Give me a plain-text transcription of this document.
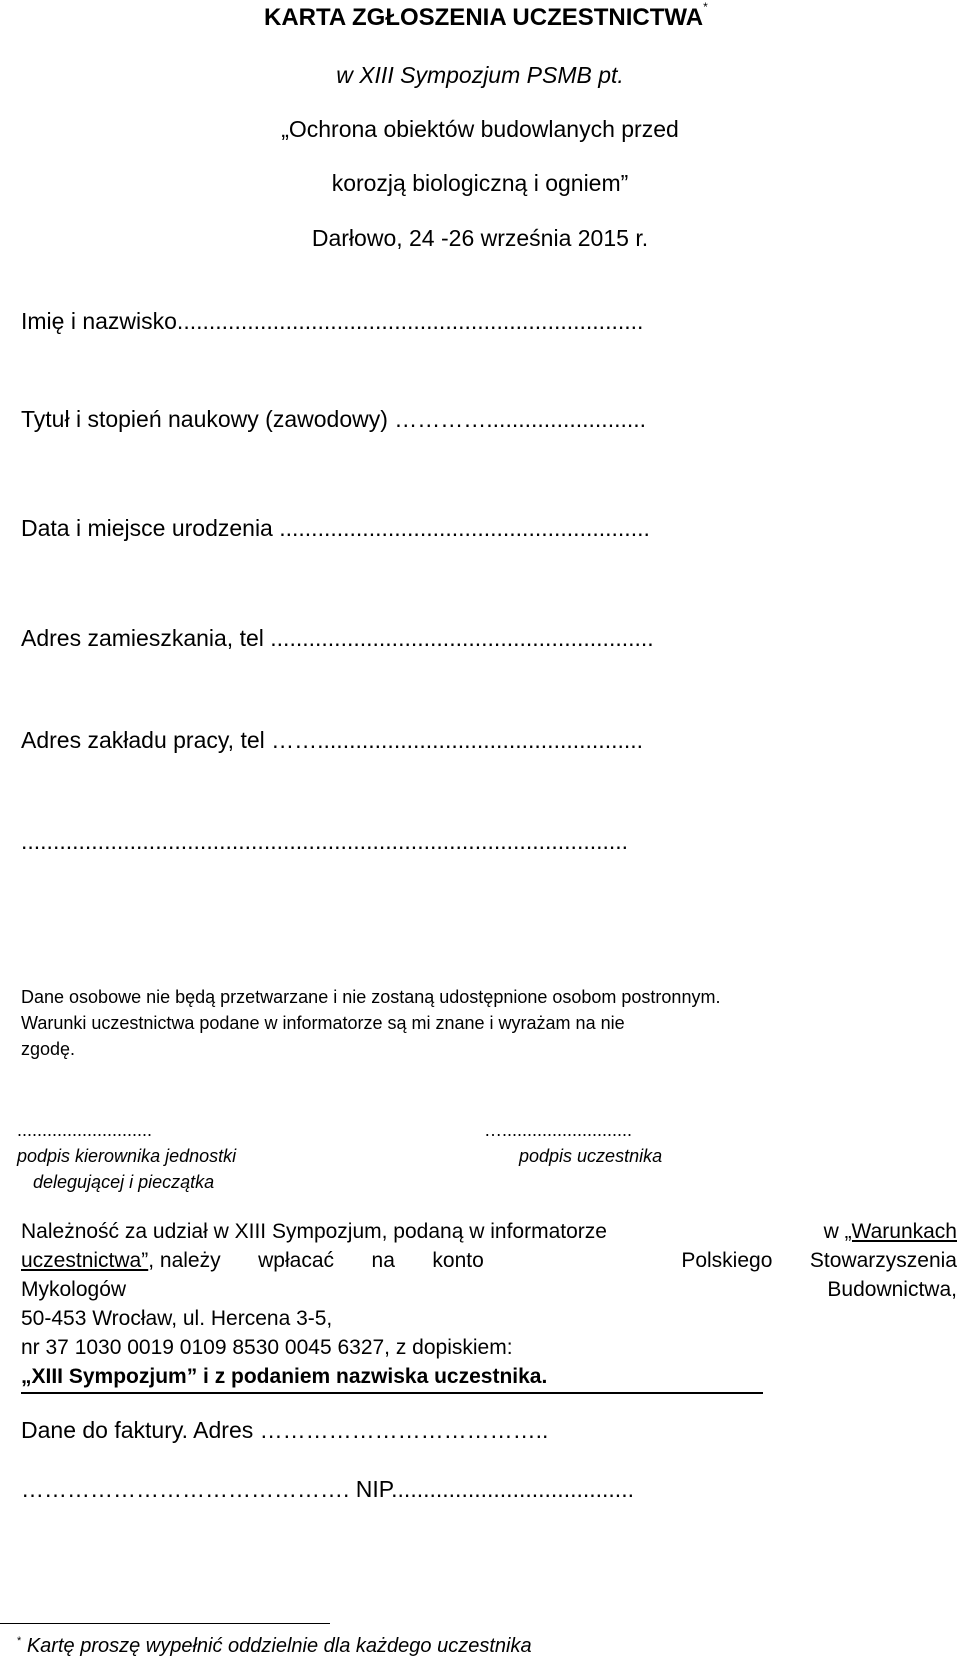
KARTA ZGŁOSZENIA UCZESTNICTWA*
w XIII Sympozjum PSMB pt.
„Ochrona obiektów budowlanych przed
korozją biologiczną i ogniem”
Darłowo, 24 -26 września 2015 r.
Imię i nazwisko.........................................................................
Tytuł i stopień naukowy (zawodowy) ………….........................
Data i miejsce urodzenia ..........................................................
Adres zamieszkania, tel ............................................................
Adres zakładu pracy, tel ……...................................................
...............................................................................................
Dane osobowe nie będą przetwarzane i nie zostaną udostępnione osobom postronnym.
Warunki uczestnictwa podane w informatorze są mi znane i wyrażam na nie
zgodę.
...........................
podpis kierownika jednostki
delegującej i pieczątka
…..........................
podpis uczestnika
Należność za udział w XIII Sympozjum, podaną w informatorze	w „Warunkach
uczestnictwa”, należy wpłacać na konto	Polskiego Stowarzyszenia
Mykologów	Budownictwa,
50-453 Wrocław, ul. Hercena 3-5,
nr 37 1030 0019 0109 8530 0045 6327, z dopiskiem:
„XIII Sympozjum” i z podaniem nazwiska uczestnika.
Dane do faktury. Adres ………………………………..
……………………………………. NIP......................................
* Kartę proszę wypełnić oddzielnie dla każdego uczestnika
